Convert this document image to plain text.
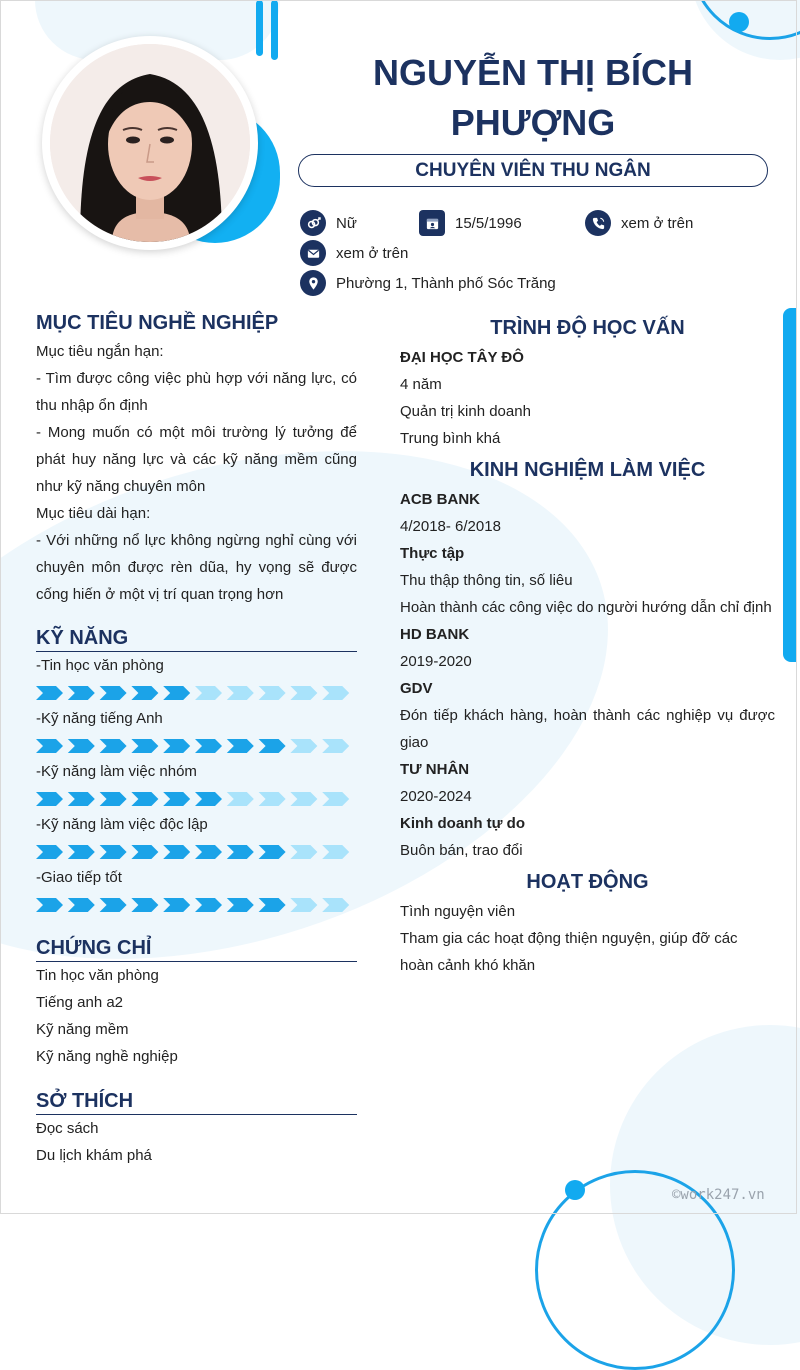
NGUYỄN THỊ BÍCH
PHƯỢNG
CHUYÊN VIÊN THU NGÂN
Nữ	15/5/1996	xem ở trên
xem ở trên
Phường 1, Thành phố Sóc Trăng
MỤC TIÊU NGHỀ NGHIỆP
Mục tiêu ngắn hạn:
- Tìm được công việc phù hợp với năng lực, có thu nhập ổn định
- Mong muốn có một môi trường lý tưởng để phát huy năng lực và các kỹ năng mềm cũng như kỹ năng chuyên môn
Mục tiêu dài hạn:
- Với những nổ lực không ngừng nghỉ cùng với chuyên môn được rèn dũa, hy vọng sẽ được cống hiến ở một vị trí quan trọng hơn
KỸ NĂNG
-Tin học văn phòng
-Kỹ năng tiếng Anh
-Kỹ năng làm việc nhóm
-Kỹ năng làm việc độc lập
-Giao tiếp tốt
CHỨNG CHỈ
Tin học văn phòng
Tiếng anh a2
Kỹ năng mềm
Kỹ năng nghề nghiệp
SỞ THÍCH
Đọc sách
Du lịch khám phá
TRÌNH ĐỘ HỌC VẤN
ĐẠI HỌC TÂY ĐÔ
4 năm
Quản trị kinh doanh
Trung bình khá
KINH NGHIỆM LÀM VIỆC
ACB BANK
4/2018- 6/2018
Thực tập
Thu thập thông tin, số liêu
Hoàn thành các công việc do người hướng dẫn chỉ định
HD BANK
2019-2020
GDV
Đón tiếp khách hàng, hoàn thành các nghiệp vụ được giao
TƯ NHÂN
2020-2024
Kinh doanh tự do
Buôn bán, trao đổi
HOẠT ĐỘNG
Tình nguyện viên
Tham gia các hoạt động thiện nguyện, giúp đỡ các hoàn cảnh khó khăn
©work247.vn
